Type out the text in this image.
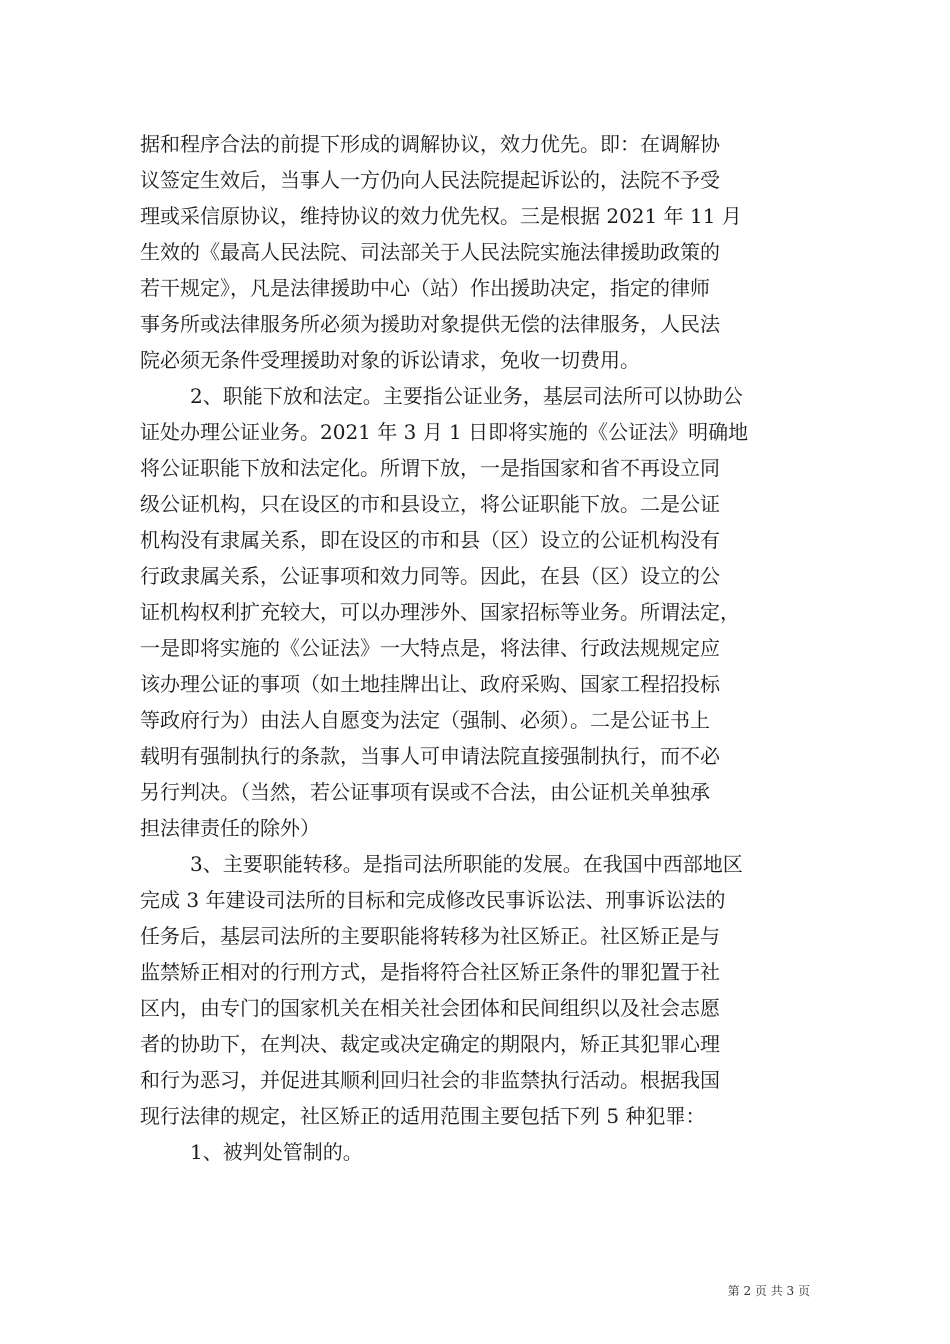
据和程序合法的前提下形成的调解协议，效力优先。即：在调解协
议签定生效后，当事人一方仍向人民法院提起诉讼的，法院不予受
理或采信原协议，维持协议的效力优先权。三是根据 2021 年 11 月
生效的《最高人民法院、司法部关于人民法院实施法律援助政策的
若干规定》，凡是法律援助中心（站）作出援助决定，指定的律师
事务所或法律服务所必须为援助对象提供无偿的法律服务，人民法
院必须无条件受理援助对象的诉讼请求，免收一切费用。
2、职能下放和法定。主要指公证业务，基层司法所可以协助公
证处办理公证业务。2021 年 3 月 1 日即将实施的《公证法》明确地
将公证职能下放和法定化。所谓下放，一是指国家和省不再设立同
级公证机构，只在设区的市和县设立，将公证职能下放。二是公证
机构没有隶属关系，即在设区的市和县（区）设立的公证机构没有
行政隶属关系，公证事项和效力同等。因此，在县（区）设立的公
证机构权利扩充较大，可以办理涉外、国家招标等业务。所谓法定，
一是即将实施的《公证法》一大特点是，将法律、行政法规规定应
该办理公证的事项（如土地挂牌出让、政府采购、国家工程招投标
等政府行为）由法人自愿变为法定（强制、必须）。二是公证书上
载明有强制执行的条款，当事人可申请法院直接强制执行，而不必
另行判决。（当然，若公证事项有误或不合法，由公证机关单独承
担法律责任的除外）
3、主要职能转移。是指司法所职能的发展。在我国中西部地区
完成 3 年建设司法所的目标和完成修改民事诉讼法、刑事诉讼法的
任务后，基层司法所的主要职能将转移为社区矫正。社区矫正是与
监禁矫正相对的行刑方式，是指将符合社区矫正条件的罪犯置于社
区内，由专门的国家机关在相关社会团体和民间组织以及社会志愿
者的协助下，在判决、裁定或决定确定的期限内，矫正其犯罪心理
和行为恶习，并促进其顺利回归社会的非监禁执行活动。根据我国
现行法律的规定，社区矫正的适用范围主要包括下列 5 种犯罪：
1、被判处管制的。
第 2 页 共 3 页
